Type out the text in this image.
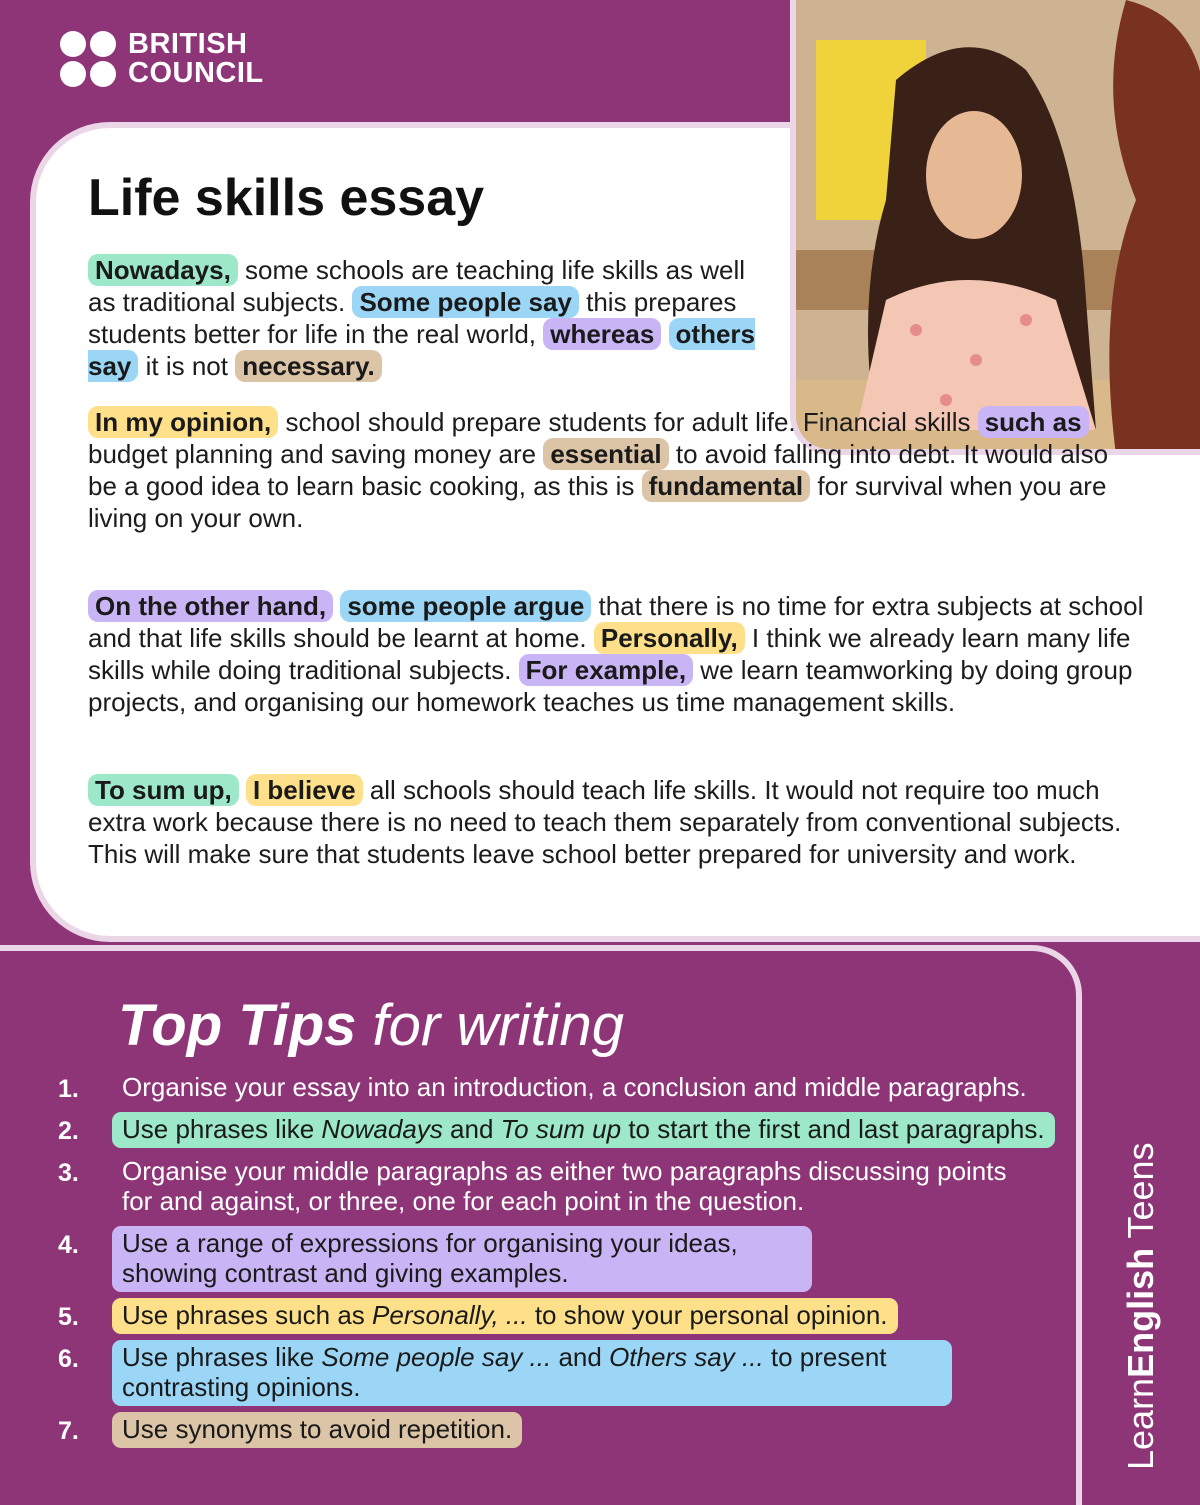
BRITISH
COUNCIL
Life skills essay

Nowadays, some schools are teaching life skills as well as traditional subjects. Some people say this prepares students better for life in the real world, whereas others say it is not necessary.

In my opinion, school should prepare students for adult life. Financial skills such as budget planning and saving money are essential to avoid falling into debt. It would also be a good idea to learn basic cooking, as this is fundamental for survival when you are living on your own.

On the other hand, some people argue that there is no time for extra subjects at school and that life skills should be learnt at home. Personally, I think we already learn many life skills while doing traditional subjects. For example, we learn teamworking by doing group projects, and organising our homework teaches us time management skills.

To sum up, I believe all schools should teach life skills. It would not require too much extra work because there is no need to teach them separately from conventional subjects. This will make sure that students leave school better prepared for university and work.

Top Tips for writing
1.	Organise your essay into an introduction, a conclusion and middle paragraphs.
2.	Use phrases like Nowadays and To sum up to start the first and last paragraphs.
3.	Organise your middle paragraphs as either two paragraphs discussing points for and against, or three, one for each point in the question.
4.	Use a range of expressions for organising your ideas, showing contrast and giving examples.
5.	Use phrases such as Personally, ... to show your personal opinion.
6.	Use phrases like Some people say ... and Others say ... to present contrasting opinions.
7.	Use synonyms to avoid repetition.	LearnEnglish Teens
